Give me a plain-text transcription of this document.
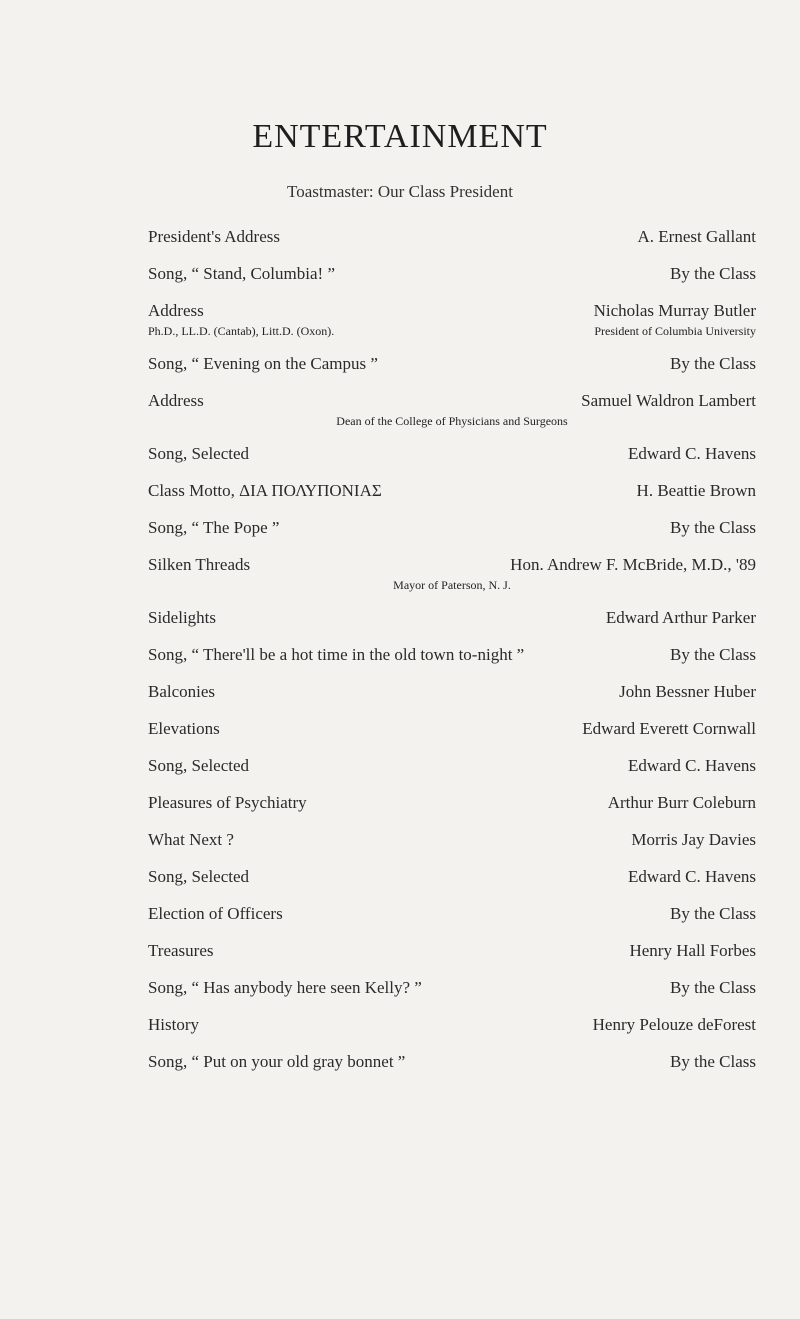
ENTERTAINMENT
Toastmaster: Our Class President
President's Address	A. Ernest Gallant
Song, “ Stand, Columbia! ”	By the Class
Address	Nicholas Murray Butler
Ph.D., LL.D. (Cantab), Litt.D. (Oxon).	President of Columbia University
Song, “ Evening on the Campus ”	By the Class
Address	Samuel Waldron Lambert
Dean of the College of Physicians and Surgeons
Song, Selected	Edward C. Havens
Class Motto, ΔΙΑ ΠΟΛΥΠΟΝΙΑΣ	H. Beattie Brown
Song, “ The Pope ”	By the Class
Silken Threads	Hon. Andrew F. McBride, M.D., '89
Mayor of Paterson, N. J.
Sidelights	Edward Arthur Parker
Song, “ There'll be a hot time in the old town to-night ”	By the Class
Balconies	John Bessner Huber
Elevations	Edward Everett Cornwall
Song, Selected	Edward C. Havens
Pleasures of Psychiatry	Arthur Burr Coleburn
What Next ?	Morris Jay Davies
Song, Selected	Edward C. Havens
Election of Officers	By the Class
Treasures	Henry Hall Forbes
Song, “ Has anybody here seen Kelly? ”	By the Class
History	Henry Pelouze deForest
Song, “ Put on your old gray bonnet ”	By the Class
